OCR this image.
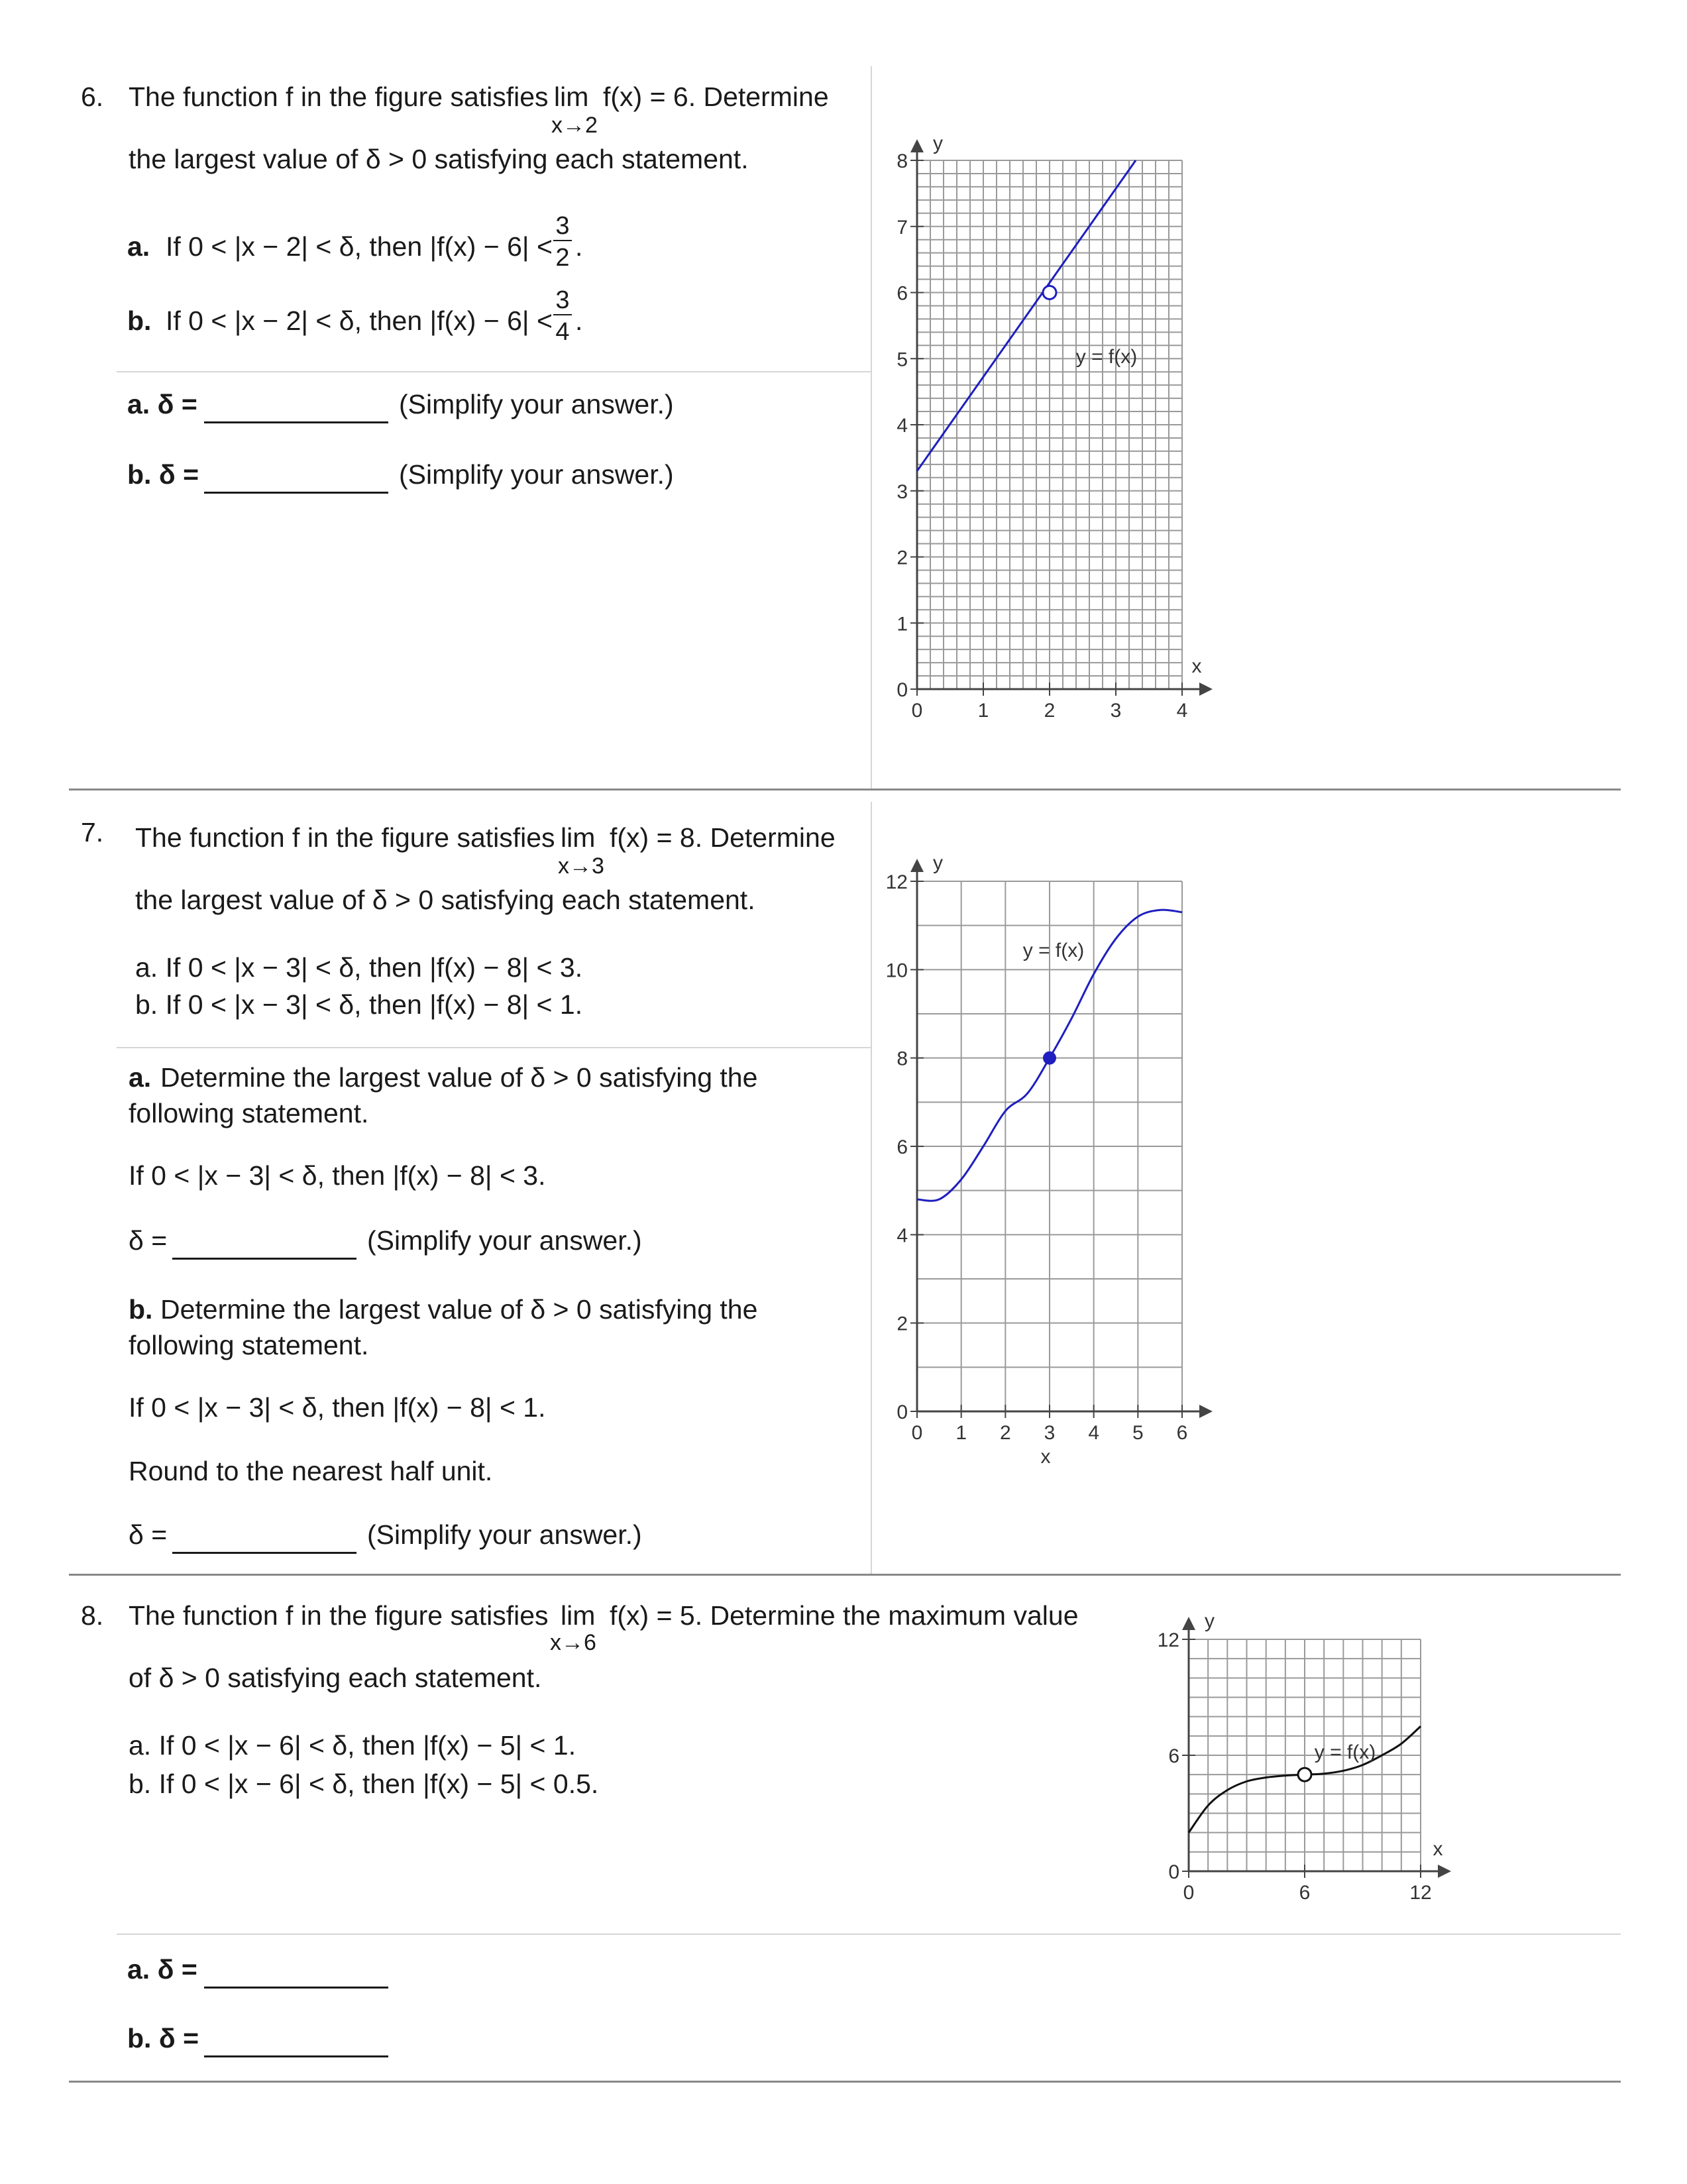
6. The function f in the figure satisfies lim
x→2
f(x) = 6. Determine
the largest value of δ > 0 satisfying each statement.
a. If 0 < |x − 2| < δ, then |f(x) − 6| <
3
2 .
b. If 0 < |x − 2| < δ, then |f(x) − 6| <
3
4 .
a. δ =	(Simplify your answer.)
b. δ =	(Simplify your answer.)
y
x
0	1	2	3	4
0
1
2
3
4
5
6
7
8
y = f(x)
7. The function f in the figure satisfies lim
x→3
f(x) = 8. Determine
the largest value of δ > 0 satisfying each statement.
a. If 0 < |x − 3| < δ, then |f(x) − 8| < 3.
b. If 0 < |x − 3| < δ, then |f(x) − 8| < 1.
a. Determine the largest value of δ > 0 satisfying the
following statement.
If 0 < |x − 3| < δ, then |f(x) − 8| < 3.
δ =	(Simplify your answer.)
b. Determine the largest value of δ > 0 satisfying the
following statement.
If 0 < |x − 3| < δ, then |f(x) − 8| < 1.
Round to the nearest half unit.
δ =	(Simplify your answer.)
y
x
0 1 2 3 4 5 6
0
2
4
6
8
10
12
y = f(x)
8. The function f in the figure satisfies lim
x→6
f(x) = 5. Determine the maximum value
of δ > 0 satisfying each statement.
a. If 0 < |x − 6| < δ, then |f(x) − 5| < 1.
b. If 0 < |x − 6| < δ, then |f(x) − 5| < 0.5.
a. δ =
b. δ =
y
x
0	6	12
0
6
12
y = f(x)
